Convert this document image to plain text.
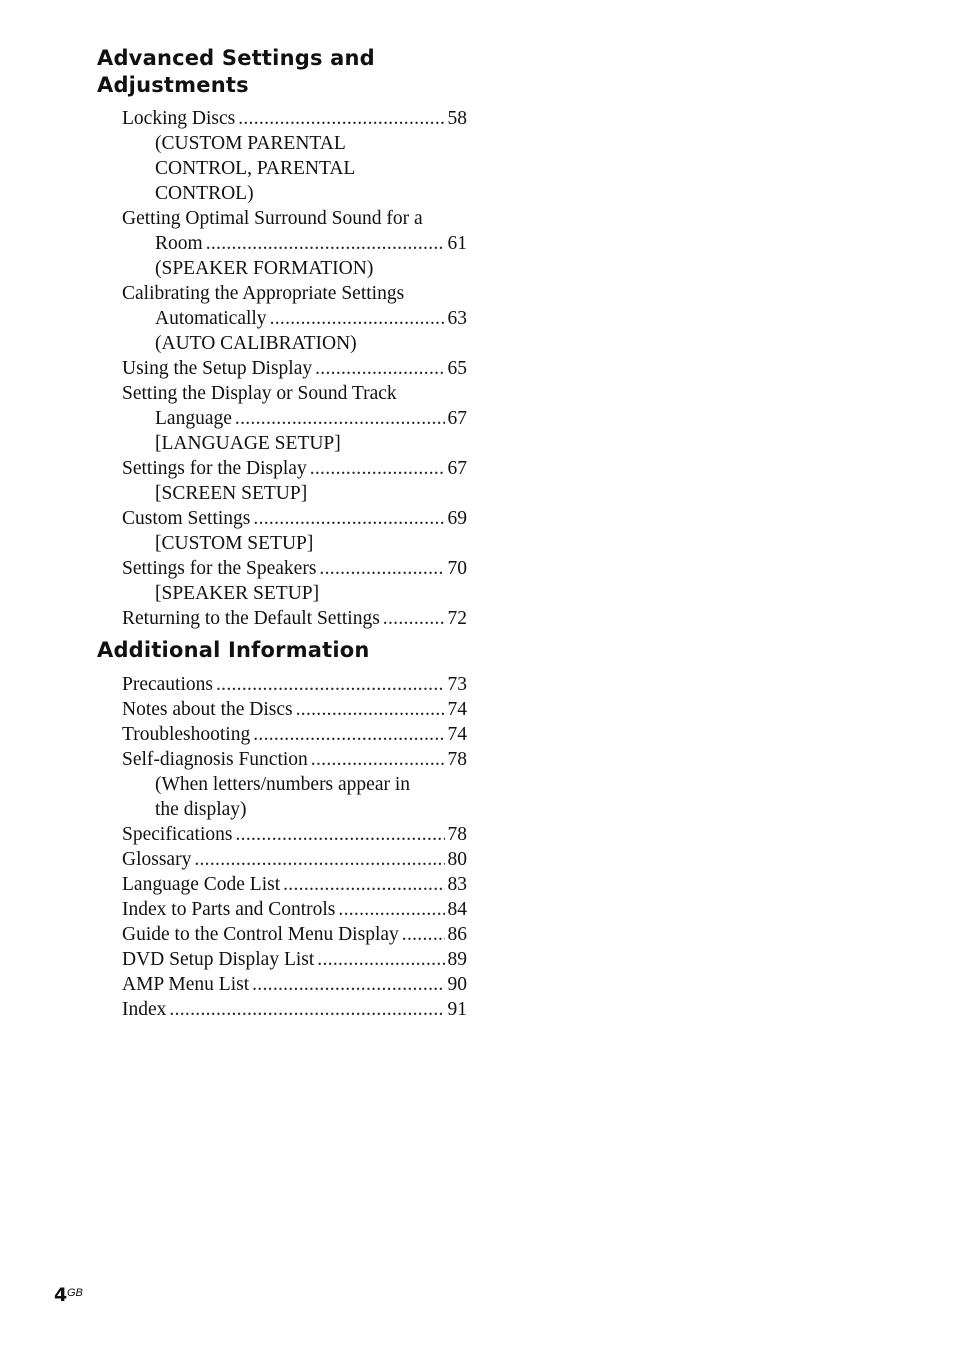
Advanced Settings and
Adjustments
Locking Discs .....	58
(CUSTOM PARENTAL
CONTROL, PARENTAL
CONTROL)
Getting Optimal Surround Sound for a
Room .....	61
(SPEAKER FORMATION)
Calibrating the Appropriate Settings
Automatically .....	63
(AUTO CALIBRATION)
Using the Setup Display .....	65
Setting the Display or Sound Track
Language .....	67
[LANGUAGE SETUP]
Settings for the Display .....	67
[SCREEN SETUP]
Custom Settings .....	69
[CUSTOM SETUP]
Settings for the Speakers .....	70
[SPEAKER SETUP]
Returning to the Default Settings .....	72
Additional Information
Precautions .....	73
Notes about the Discs .....	74
Troubleshooting .....	74
Self-diagnosis Function .....	78
(When letters/numbers appear in
the display)
Specifications .....	78
Glossary .....	80
Language Code List .....	83
Index to Parts and Controls .....	84
Guide to the Control Menu Display ..... 86
DVD Setup Display List .....	89
AMP Menu List .....	90
Index .....	91
4 GB
